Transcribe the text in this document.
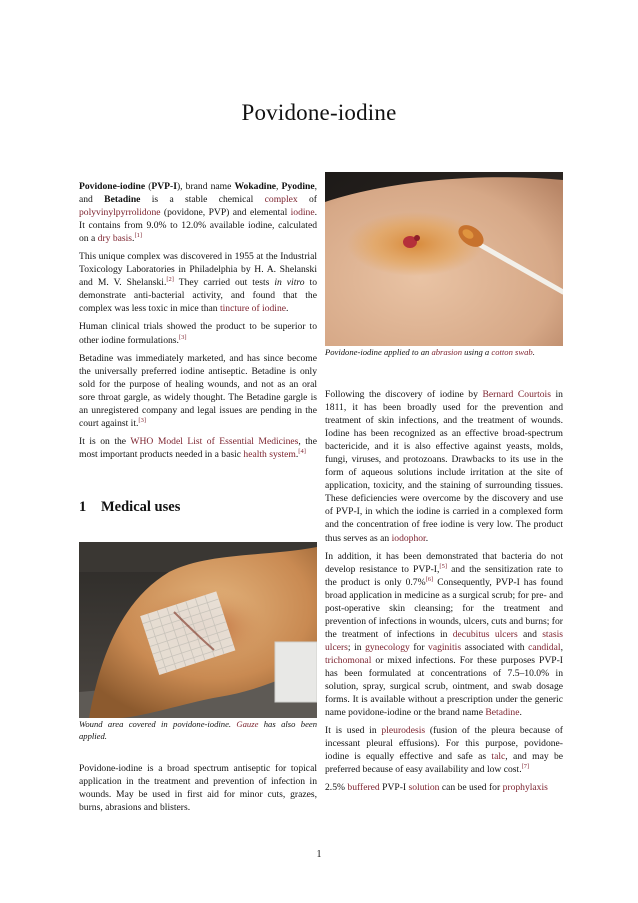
Povidone-iodine

Povidone-iodine (PVP-I), brand name Wokadine, Pyodine, and Betadine is a stable chemical complex of polyvinylpyrrolidone (povidone, PVP) and elemental iodine. It contains from 9.0% to 12.0% available iodine, calculated on a dry basis.[1]

This unique complex was discovered in 1955 at the Industrial Toxicology Laboratories in Philadelphia by H. A. Shelanski and M. V. Shelanski.[2] They carried out tests in vitro to demonstrate anti-bacterial activity, and found that the complex was less toxic in mice than tincture of iodine.

Human clinical trials showed the product to be superior to other iodine formulations.[3]

Betadine was immediately marketed, and has since become the universally preferred iodine antiseptic. Betadine is only sold for the purpose of healing wounds, and not as an oral sore throat gargle, as widely thought. The Betadine gargle is an unregistered company and legal issues are pending in the court against it.[3]

It is on the WHO Model List of Essential Medicines, the most important products needed in a basic health system.[4]

1 Medical uses

Wound area covered in povidone-iodine. Gauze has also been applied.

Povidone-iodine is a broad spectrum antiseptic for topical application in the treatment and prevention of infection in wounds. May be used in first aid for minor cuts, grazes, burns, abrasions and blisters.

Povidone-iodine applied to an abrasion using a cotton swab.

Following the discovery of iodine by Bernard Courtois in 1811, it has been broadly used for the prevention and treatment of skin infections, and the treatment of wounds. Iodine has been recognized as an effective broad-spectrum bactericide, and it is also effective against yeasts, molds, fungi, viruses, and protozoans. Drawbacks to its use in the form of aqueous solutions include irritation at the site of application, toxicity, and the staining of surrounding tissues. These deficiencies were overcome by the discovery and use of PVP-I, in which the iodine is carried in a complexed form and the concentration of free iodine is very low. The product thus serves as an iodophor.

In addition, it has been demonstrated that bacteria do not develop resistance to PVP-I,[5] and the sensitization rate to the product is only 0.7%[6] Consequently, PVP-I has found broad application in medicine as a surgical scrub; for pre- and post-operative skin cleansing; for the treatment and prevention of infections in wounds, ulcers, cuts and burns; for the treatment of infections in decubitus ulcers and stasis ulcers; in gynecology for vaginitis associated with candidal, trichomonal or mixed infections. For these purposes PVP-I has been formulated at concentrations of 7.5–10.0% in solution, spray, surgical scrub, ointment, and swab dosage forms. It is available without a prescription under the generic name povidone-iodine or the brand name Betadine.

It is used in pleurodesis (fusion of the pleura because of incessant pleural effusions). For this purpose, povidone-iodine is equally effective and safe as talc, and may be preferred because of easy availability and low cost.[7]

2.5% buffered PVP-I solution can be used for prophylaxis

1
